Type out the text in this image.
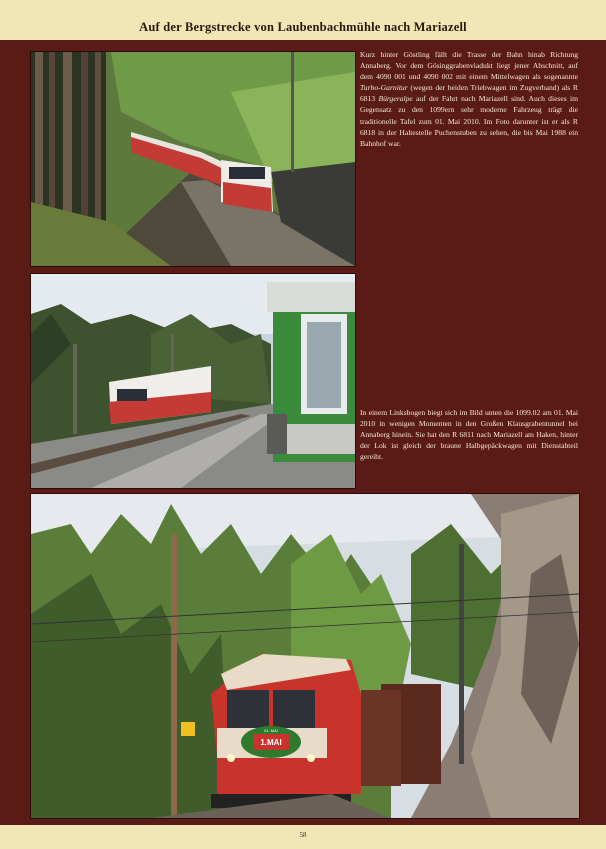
Auf der Bergstrecke von Laubenbachmühle nach Mariazell
Kurz hinter Göstling fällt die Trasse der Bahn hinab Richtung Annaberg. Vor dem Gösinggrabenviadukt liegt jener Abschnitt, auf dem 4090 001 und 4090 002 mit einem Mittelwagen als sogenannte Turbo-Garnitur (wegen der beiden Triebwagen im Zugverband) als R 6813 Bürgeralpe auf der Fahrt nach Mariazell sind. Auch dieses im Gegensatz zu den 1099ern sehr moderne Fahrzeug trägt die traditionelle Tafel zum 01. Mai 2010. Im Foto darunter ist er als R 6818 in der Haltestelle Puchenstuben zu sehen, die bis Mai 1988 ein Bahnhof war.
In einem Linksbogen biegt sich im Bild unten die 1099.02 am 01. Mai 2010 in wenigen Momenten in den Großen Klausgrabentunnel bei Annaberg hinein. Sie hat den R 6811 nach Mariazell am Haken, hinter der Lok ist gleich der braune Halbgepäckwagen mit Dienstabteil gereiht.
1.MAI
01. MAI
58
